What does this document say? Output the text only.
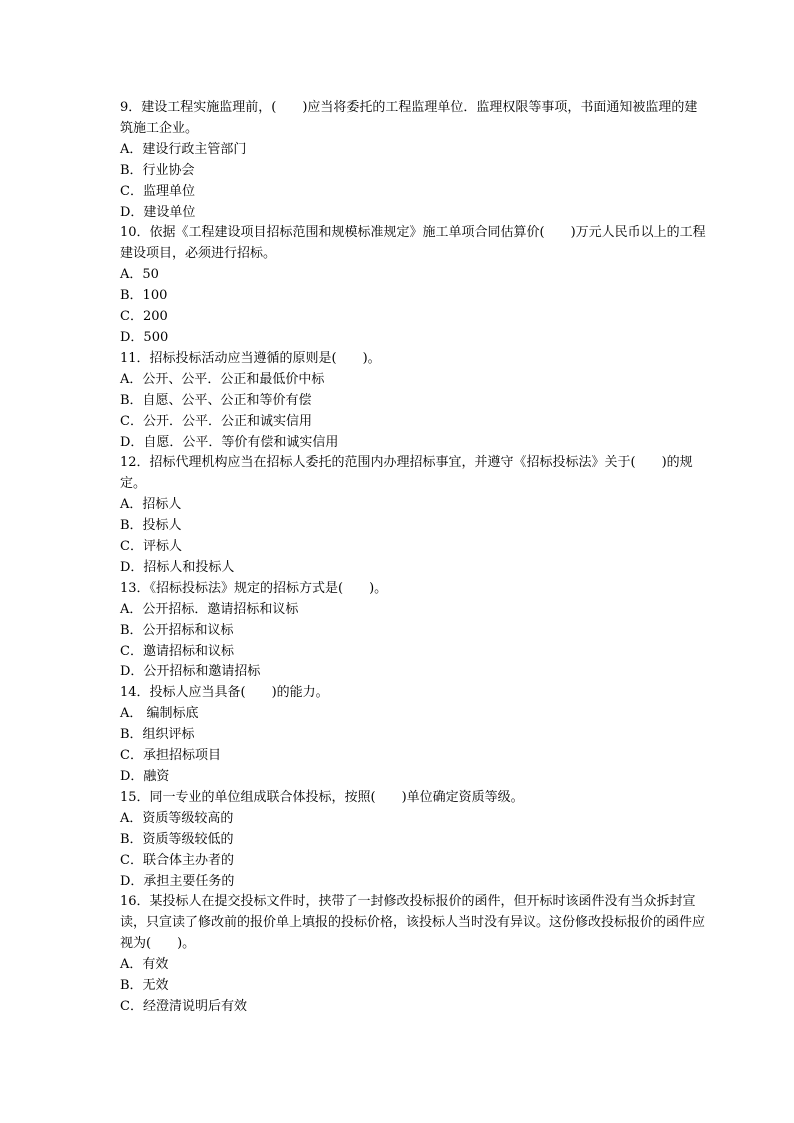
9．建设工程实施监理前，(　　)应当将委托的工程监理单位．监理权限等事项，书面通知被监理的建筑施工企业。

A．建设行政主管部门

B．行业协会

C．监理单位

D．建设单位

10．依据《工程建设项目招标范围和规模标准规定》施工单项合同估算价(　　)万元人民币以上的工程建设项目，必须进行招标。

A．50

B．100

C．200

D．500

11．招标投标活动应当遵循的原则是(　　)。

A．公开、公平．公正和最低价中标

B．自愿、公平、公正和等价有偿

C．公开．公平．公正和诚实信用

D．自愿．公平．等价有偿和诚实信用

12．招标代理机构应当在招标人委托的范围内办理招标事宜，并遵守《招标投标法》关于(　　)的规定。

A．招标人

B．投标人

C．评标人

D．招标人和投标人

13．《招标投标法》规定的招标方式是(　　)。

A．公开招标．邀请招标和议标

B．公开招标和议标

C．邀请招标和议标

D．公开招标和邀请招标

14．投标人应当具备(　　)的能力。

A． 编制标底

B．组织评标

C．承担招标项目

D．融资

15．同一专业的单位组成联合体投标，按照(　　)单位确定资质等级。

A．资质等级较高的

B．资质等级较低的

C．联合体主办者的

D．承担主要任务的

16．某投标人在提交投标文件时，挟带了一封修改投标报价的函件，但开标时该函件没有当众拆封宣读，只宣读了修改前的报价单上填报的投标价格，该投标人当时没有异议。这份修改投标报价的函件应视为(　　)。

A．有效

B．无效

C．经澄清说明后有效
